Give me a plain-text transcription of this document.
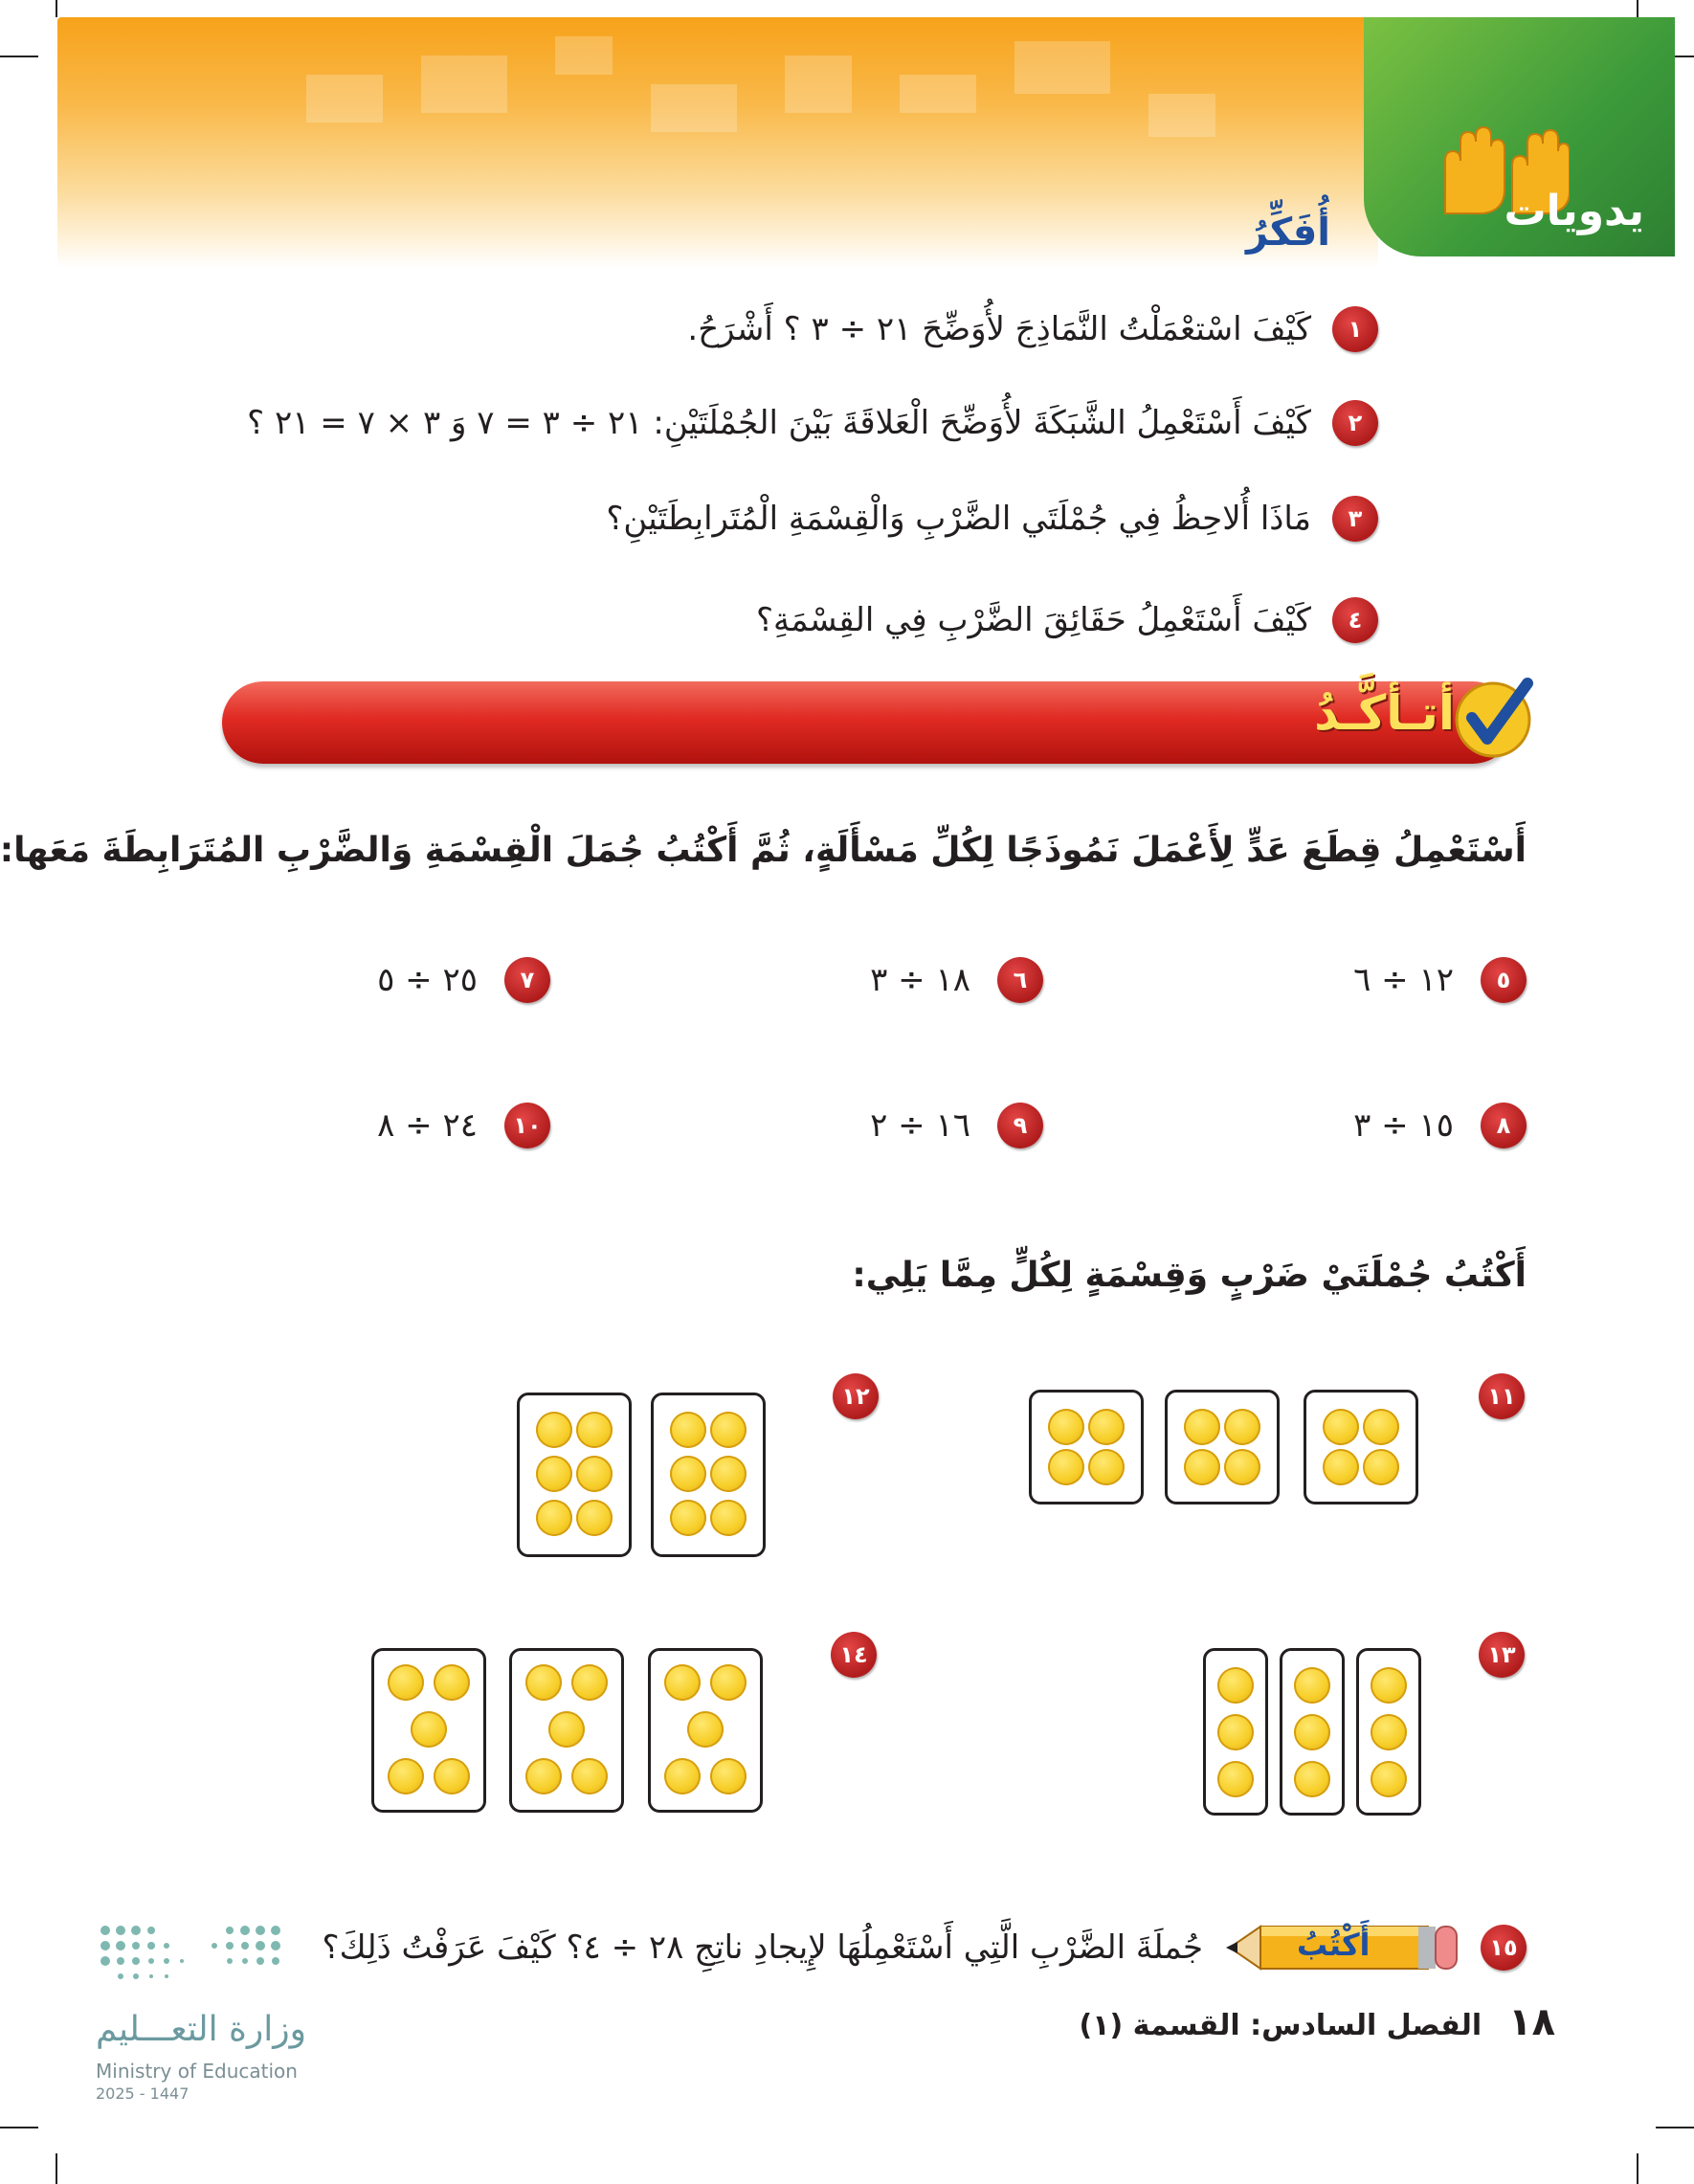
يدويات
أُفَكِّرُ
١
كَيْفَ اسْتعْمَلْتُ النَّمَاذِجَ لأُوَضِّحَ ٢١ ÷ ٣ ؟ أَشْرَحُ.
٢
كَيْفَ أَسْتَعْمِلُ الشَّبَكَةَ لأُوَضِّحَ الْعَلاقَةَ بَيْنَ الجُمْلَتَيْنِ: ٢١ ÷ ٣ = ٧ وَ ٣ × ٧ = ٢١ ؟
٣
مَاذَا أُلاحِظُ فِي جُمْلَتَي الضَّرْبِ وَالْقِسْمَةِ الْمُتَرابِطَتَيْنِ؟
٤
كَيْفَ أَسْتَعْمِلُ حَقَائِقَ الضَّرْبِ فِي القِسْمَةِ؟
أتـأكَّـدُ
أَسْتَعْمِلُ قِطَعَ عَدٍّ لِأَعْمَلَ نَمُوذَجًا لِكُلِّ مَسْأَلَةٍ، ثُمَّ أَكْتُبُ جُمَلَ الْقِسْمَةِ وَالضَّرْبِ المُتَرَابِطَةَ مَعَها:
٥
١٢ ÷ ٦
٦
١٨ ÷ ٣
٧
٢٥ ÷ ٥
٨
١٥ ÷ ٣
٩
١٦ ÷ ٢
١٠
٢٤ ÷ ٨
أَكْتُبُ جُمْلَتَيْ ضَرْبٍ وَقِسْمَةٍ لِكُلٍّ مِمَّا يَلِي:
١١
١٢
١٣
١٤
١٥
أَكْتُبُ
جُملَةَ الضَّرْبِ الَّتِي أَسْتَعْمِلُهَا لإِيجادِ ناتِجِ ٢٨ ÷ ٤؟ كَيْفَ عَرَفْتُ ذَلِكَ؟
وزارة التعـــليم
Ministry of Education
2025 - 1447
١٨
الفصل السادس: القسمة (١)
